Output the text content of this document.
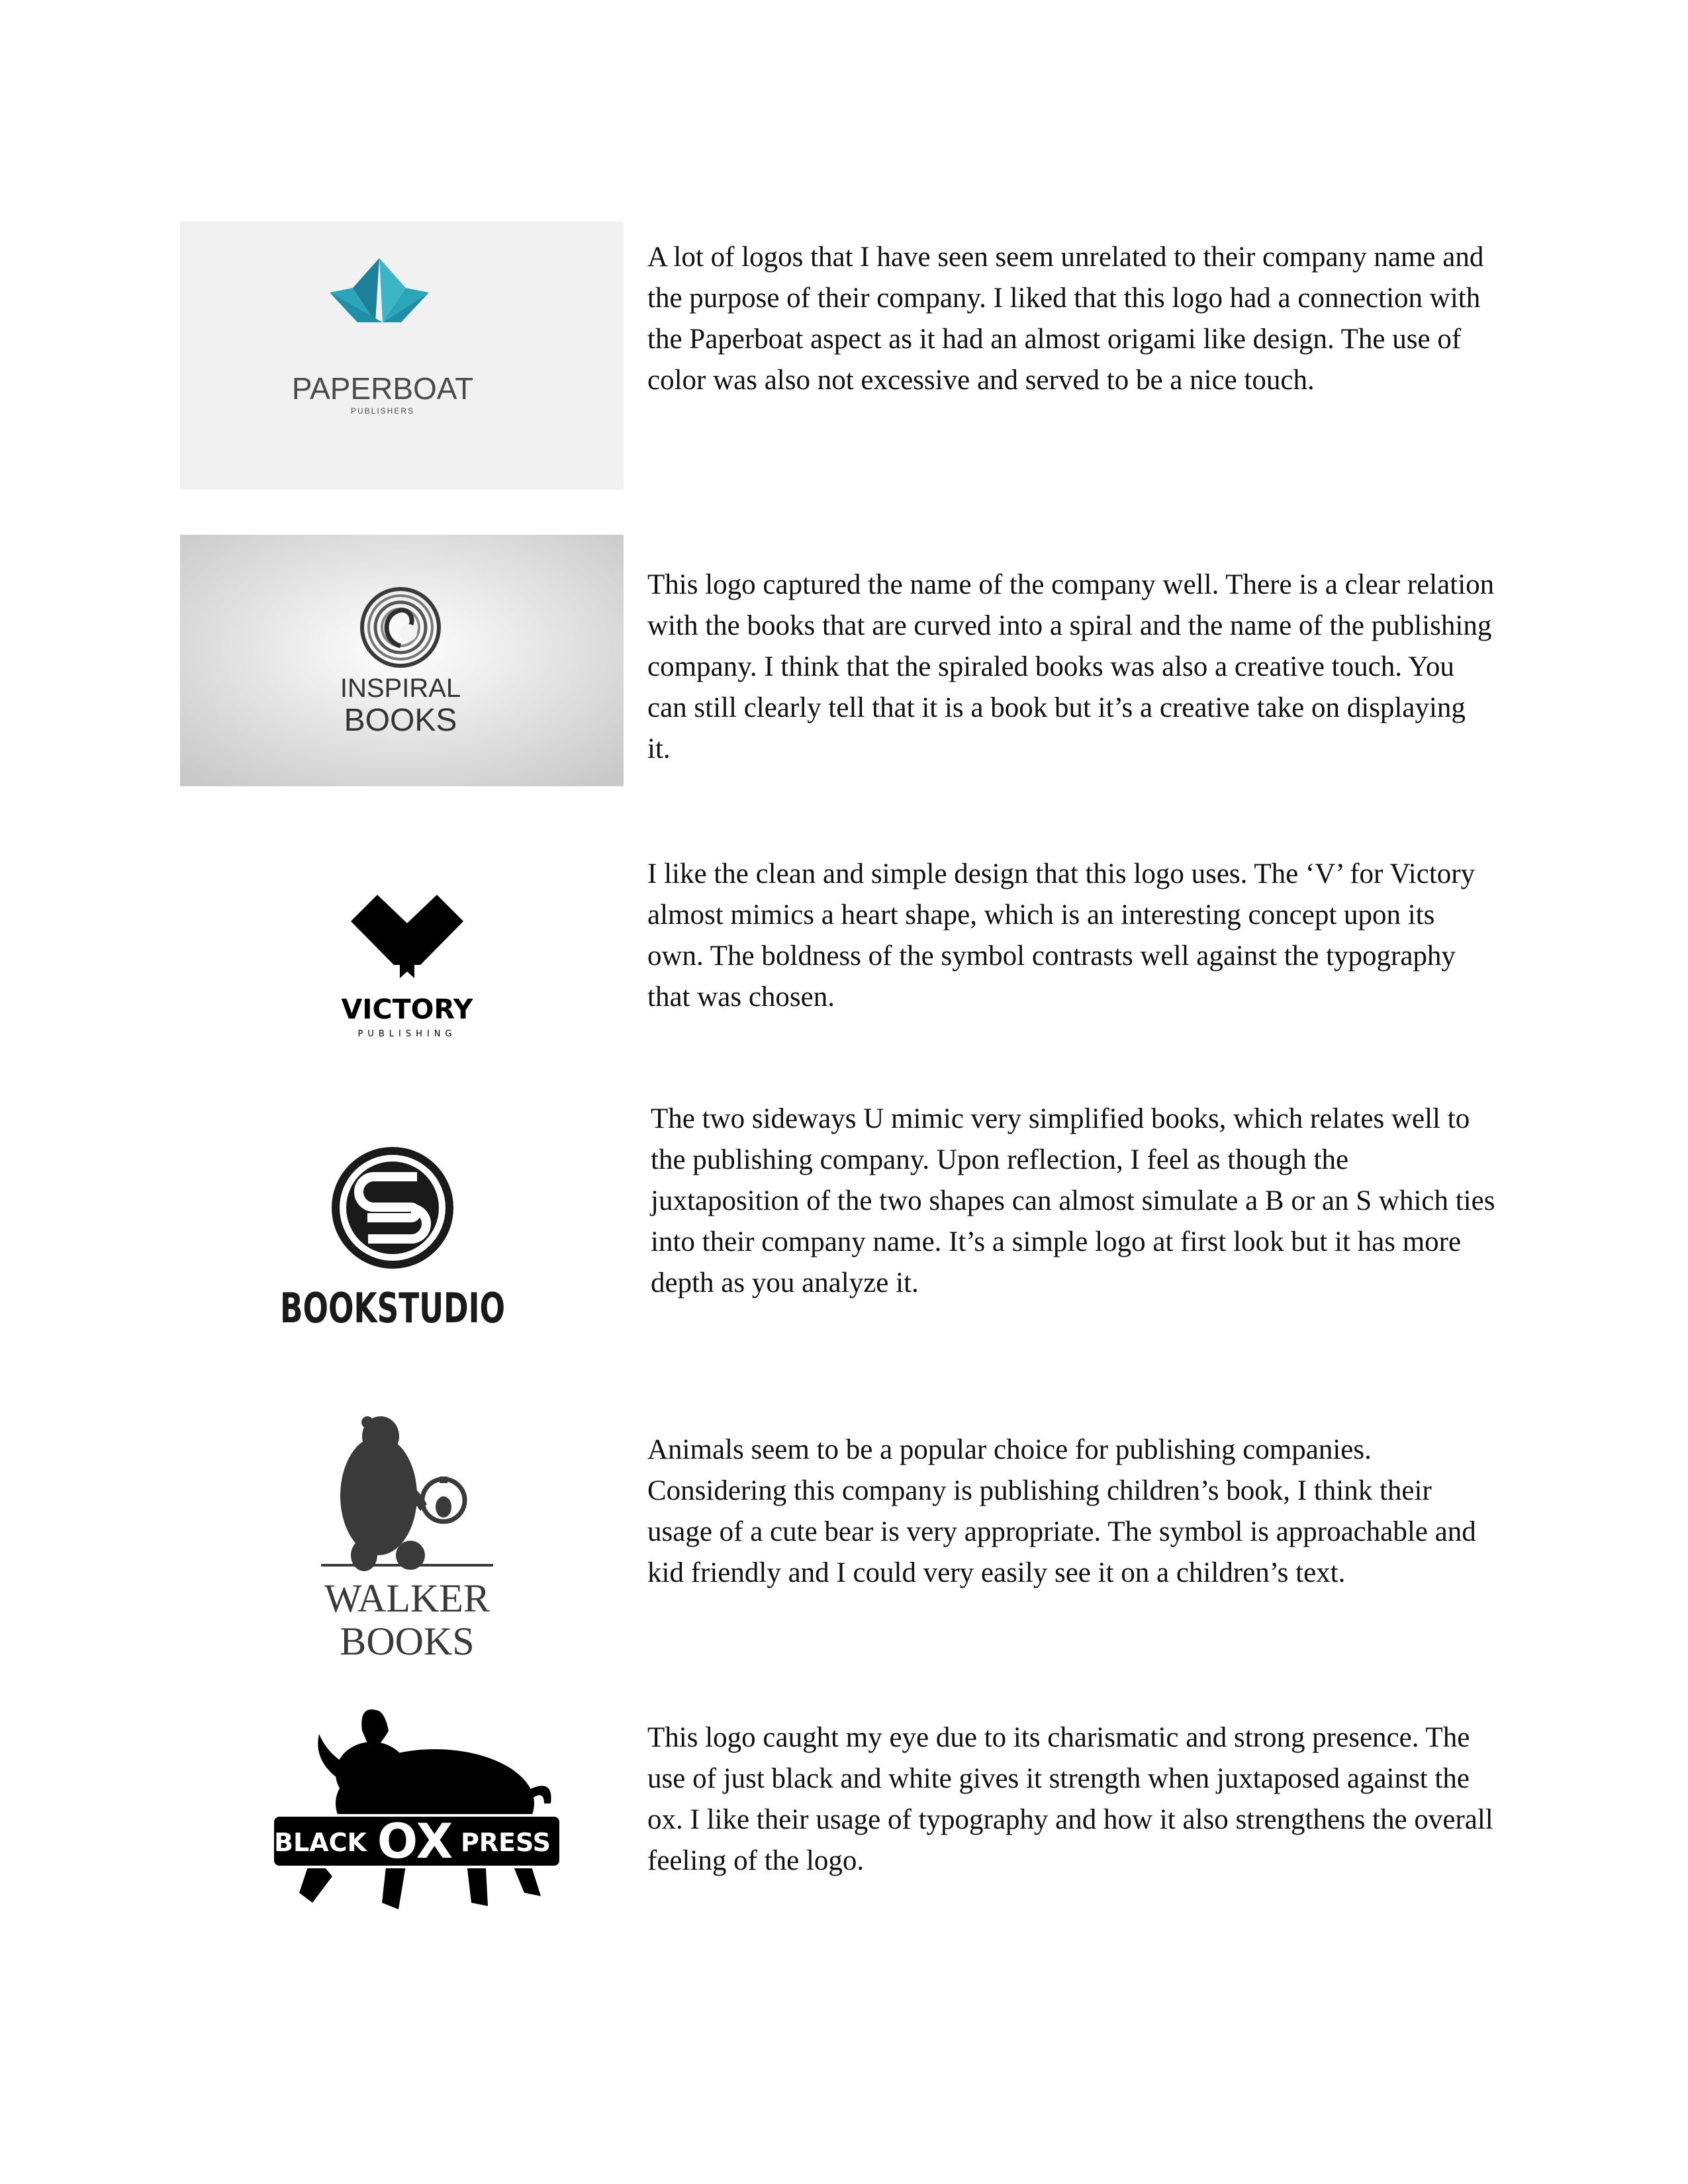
PAPERBOAT
PUBLISHERS

A lot of logos that I have seen seem unrelated to their company name and the purpose of their company. I liked that this logo had a connection with the Paperboat aspect as it had an almost origami like design. The use of color was also not excessive and served to be a nice touch.

INSPIRAL
BOOKS

This logo captured the name of the company well. There is a clear relation with the books that are curved into a spiral and the name of the publishing company. I think that the spiraled books was also a creative touch. You can still clearly tell that it is a book but it’s a creative take on displaying it.

VICTORY
PUBLISHING

I like the clean and simple design that this logo uses. The ‘V’ for Victory almost mimics a heart shape, which is an interesting concept upon its own. The boldness of the symbol contrasts well against the typography that was chosen.

BOOKSTUDIO

The two sideways U mimic very simplified books, which relates well to the publishing company. Upon reflection, I feel as though the juxtaposition of the two shapes can almost simulate a B or an S which ties into their company name. It’s a simple logo at first look but it has more depth as you analyze it.

WALKER
BOOKS

Animals seem to be a popular choice for publishing companies. Considering this company is publishing children’s book, I think their usage of a cute bear is very appropriate. The symbol is approachable and kid friendly and I could very easily see it on a children’s text.

BLACK OX PRESS

This logo caught my eye due to its charismatic and strong presence. The use of just black and white gives it strength when juxtaposed against the ox. I like their usage of typography and how it also strengthens the overall feeling of the logo.
